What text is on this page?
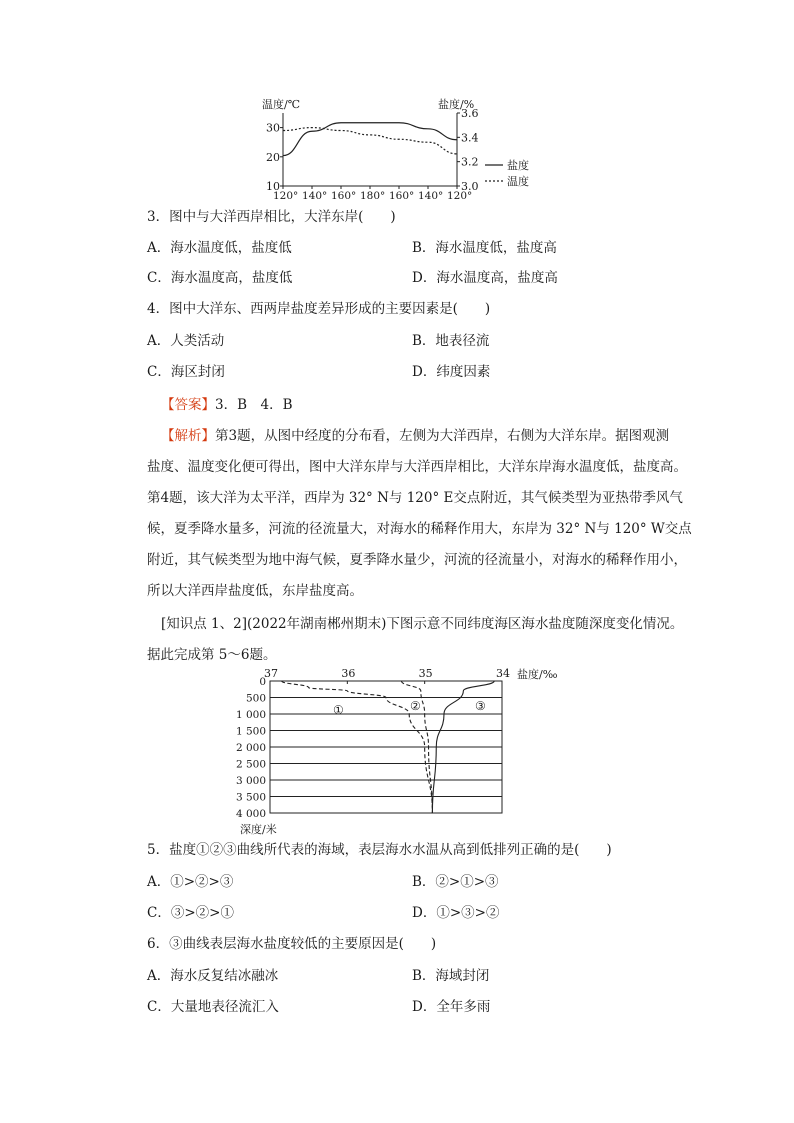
温度/℃	盐度/%
30
20
10
3.6
3.4
3.2
3.0
120° 140° 160° 180° 160° 140° 120°
盐度
温度
3．图中与大洋西岸相比，大洋东岸(　　)
A．海水温度低，盐度低	B．海水温度低，盐度高
C．海水温度高，盐度低	D．海水温度高，盐度高
4．图中大洋东、西两岸盐度差异形成的主要因素是(　　)
A．人类活动	B．地表径流
C．海区封闭	D．纬度因素
【答案】3．B　4．B
【解析】第3题，从图中经度的分布看，左侧为大洋西岸，右侧为大洋东岸。据图观测
盐度、温度变化便可得出，图中大洋东岸与大洋西岸相比，大洋东岸海水温度低，盐度高。
第4题，该大洋为太平洋，西岸为 32° N与 120° E交点附近，其气候类型为亚热带季风气
候，夏季降水量多，河流的径流量大，对海水的稀释作用大，东岸为 32° N与 120° W交点
附近，其气候类型为地中海气候，夏季降水量少，河流的径流量小，对海水的稀释作用小，
所以大洋西岸盐度低，东岸盐度高。
[知识点 1、2](2022年湖南郴州期末)下图示意不同纬度海区海水盐度随深度变化情况。
据此完成第 5～6题。
37	36	35	34
0
500
1 000
1 500
2 000
2 500
3 000
3 500
4 000
①	②	③
盐度/‰
深度/米
5．盐度①②③曲线所代表的海域，表层海水水温从高到低排列正确的是(　　)
A．①>②>③	B．②>①>③
C．③>②>①	D．①>③>②
6．③曲线表层海水盐度较低的主要原因是(　　)
A．海水反复结冰融冰	B．海域封闭
C．大量地表径流汇入	D．全年多雨
